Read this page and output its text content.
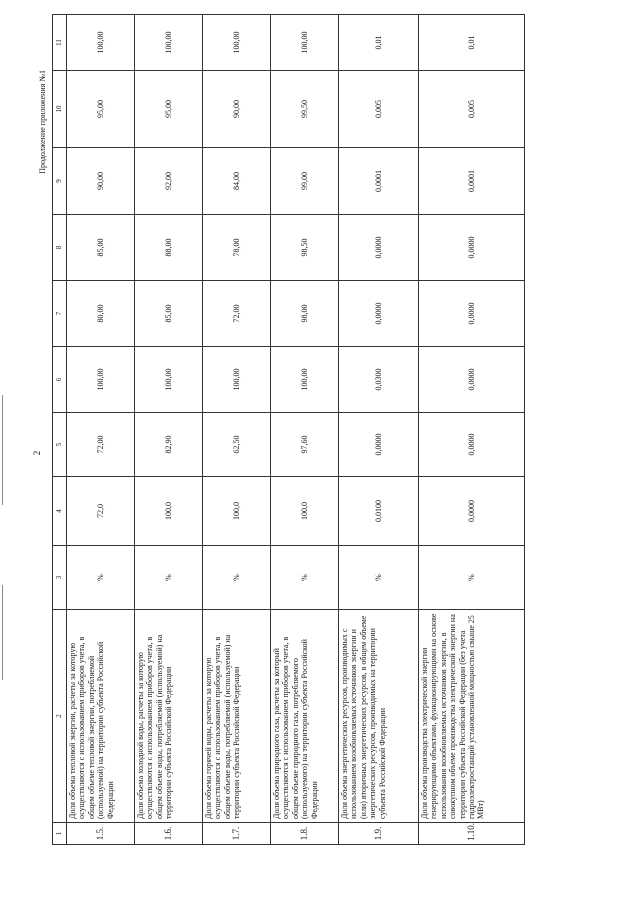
2
Продолжение приложения №1
1	2	3	4	5	6	7	8	9	10	11
1.5.	Доля объема тепловой энергии, расчеты за которую осуществляются с использованием приборов учета, в общем объеме тепловой энергии, потребляемой (используемой) на территории субъекта Российской Федерации	%	72,0	72,00	100,00	80,00	85,00	90,00	95,00	100,00
1.6.	Доля объема холодной воды, расчеты за которую осуществляются с использованием приборов учета, в общем объеме воды, потребляемой (используемой) на территории субъекта Российской Федерации	%	100,0	82,90	100,00	85,00	88,00	92,00	95,00	100,00
1.7.	Доля объема горячей воды, расчеты за которую осуществляются с использованием приборов учета, в общем объеме воды, потребляемой (используемой) на территории субъекта Российской Федерации	%	100,0	62,50	100,00	72,00	78,00	84,00	90,00	100,00
1.8.	Доля объема природного газа, расчеты за который осуществляются с использованием приборов учета, в общем объеме природного газа, потребляемого (используемого) на территории субъекта Российской Федерации	%	100,0	97,60	100,00	98,00	98,50	99,00	99,50	100,00
1.9.	Доля объема энергетических ресурсов, производимых с использованием возобновляемых источников энергии и (или) вторичных энергетических ресурсов, в общем объеме энергетических ресурсов, производимых на территории субъекта Российской Федерации	%	0,0100	0,0000	0,0300	0,0000	0,0000	0,0001	0,005	0,01
1.10.	Доля объема производства электрической энергии генерирующими объектами, функционирующими на основе использования возобновляемых источников энергии, в совокупном объеме производства электрической энергии на территории субъекта Российской Федерации (без учета гидроэлектростанций установленной мощностью свыше 25 МВт)	%	0,0000	0,0000	0,0000	0,0000	0,0000	0,0001	0,005	0,01
